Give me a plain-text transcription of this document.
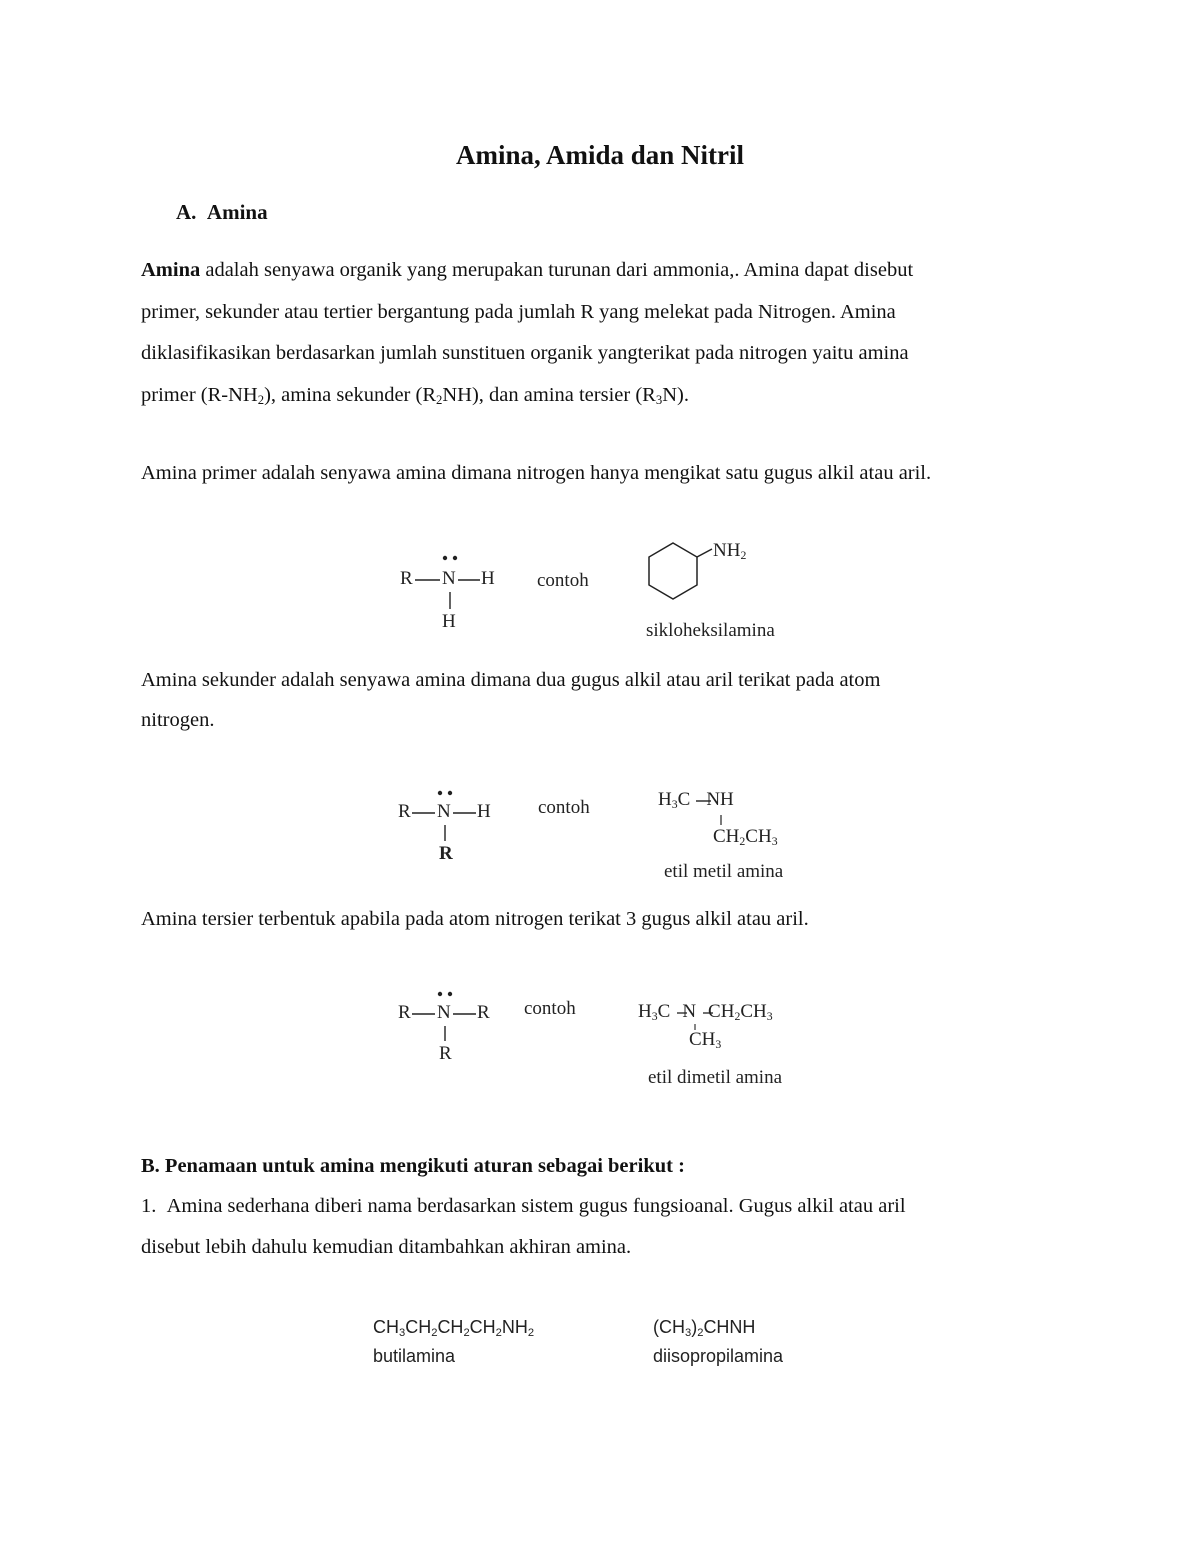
Amina, Amida dan Nitril
A. Amina
Amina adalah senyawa organik yang merupakan turunan dari ammonia,. Amina dapat disebut
primer, sekunder atau tertier bergantung pada jumlah R yang melekat pada Nitrogen. Amina
diklasifikasikan berdasarkan jumlah sunstituen organik yangterikat pada nitrogen yaitu amina
primer $(R-NH_2)$, amina sekunder $(R_2NH)$, dan amina tersier $(R_3N)$.
Amina primer adalah senyawa amina dimana nitrogen hanya mengikat satu gugus alkil atau aril.
R N H
H
contoh
$NH_2$
sikloheksilamina
Amina sekunder adalah senyawa amina dimana dua gugus alkil atau aril terikat pada atom
nitrogen.
R N H
R
contoh	$H_3C$ NH
$CH_2CH_3$
etil metil amina
Amina tersier terbentuk apabila pada atom nitrogen terikat 3 gugus alkil atau aril.
R N R
R
contoh	$H_3C$ N $CH_2CH_3$
$CH_3$
etil dimetil amina
B. Penamaan untuk amina mengikuti aturan sebagai berikut :
1. Amina sederhana diberi nama berdasarkan sistem gugus fungsioanal. Gugus alkil atau aril
disebut lebih dahulu kemudian ditambahkan akhiran amina.
$CH_3CH_2CH_2CH_2NH_2$
butilamina
$(CH_3)_2CHNH$
diisopropilamina
